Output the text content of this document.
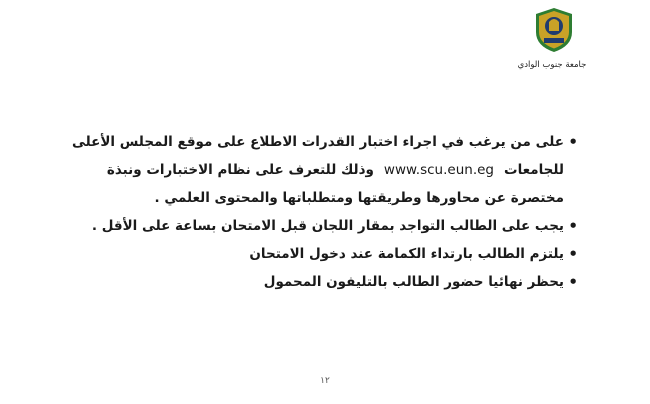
جامعة جنوب الوادي

• على من يرغب في اجراء اختبار القدرات الاطلاع على موقع المجلس الأعلى
للجامعاتwww.scu.eun.egوذلك للتعرف على نظام الاختبارات ونبذة
مختصرة عن محاورها وطريقتها ومتطلباتها والمحتوى العلمي .

• يجب على الطالب التواجد بمقار اللجان قبل الامتحان بساعة على الأقل .

• يلتزم الطالب بارتداء الكمامة عند دخول الامتحان

• يحظر نهائيا حضور الطالب بالتليفون المحمول

١٢
